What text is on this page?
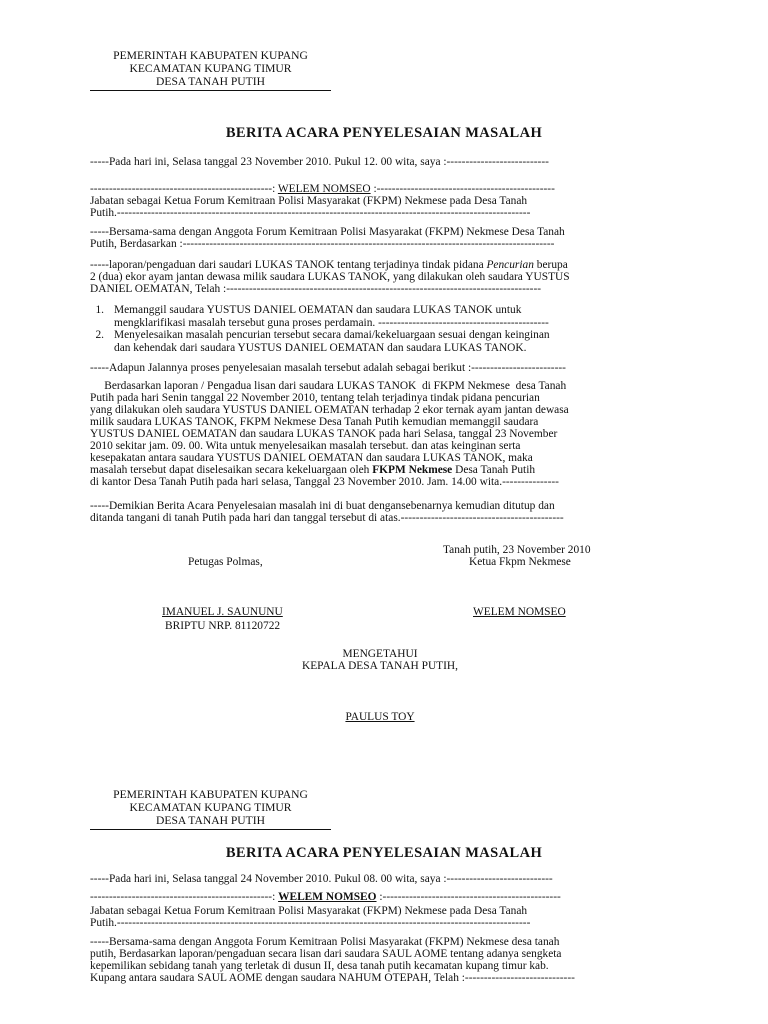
PEMERINTAH KABUPATEN KUPANG
KECAMATAN KUPANG TIMUR
DESA TANAH PUTIH
BERITA ACARA PENYELESAIAN MASALAH
-----Pada hari ini, Selasa tanggal 23 November 2010. Pukul 12. 00 wita, saya :---------------------------
------------------------------------------------: WELEM NOMSEO :-----------------------------------------------
Jabatan sebagai Ketua Forum Kemitraan Polisi Masyarakat (FKPM) Nekmese pada Desa Tanah
Putih.-------------------------------------------------------------------------------------------------------------
-----Bersama-sama dengan Anggota Forum Kemitraan Polisi Masyarakat (FKPM) Nekmese Desa Tanah
Putih, Berdasarkan :--------------------------------------------------------------------------------------------------
-----laporan/pengaduan dari saudari LUKAS TANOK tentang terjadinya tindak pidana Pencurian berupa
2 (dua) ekor ayam jantan dewasa milik saudara LUKAS TANOK, yang dilakukan oleh saudara YUSTUS
DANIEL OEMATAN, Telah :-----------------------------------------------------------------------------------
1. Memanggil saudara YUSTUS DANIEL OEMATAN dan saudara LUKAS TANOK untuk
mengklarifikasi masalah tersebut guna proses perdamain. ---------------------------------------------
2. Menyelesaikan masalah pencurian tersebut secara damai/kekeluargaan sesuai dengan keinginan
dan kehendak dari saudara YUSTUS DANIEL OEMATAN dan saudara LUKAS TANOK.
-----Adapun Jalannya proses penyelesaian masalah tersebut adalah sebagai berikut :-------------------------
Berdasarkan laporan / Pengadua lisan dari saudara LUKAS TANOK  di FKPM Nekmese  desa Tanah
Putih pada hari Senin tanggal 22 November 2010, tentang telah terjadinya tindak pidana pencurian
yang dilakukan oleh saudara YUSTUS DANIEL OEMATAN terhadap 2 ekor ternak ayam jantan dewasa
milik saudara LUKAS TANOK, FKPM Nekmese Desa Tanah Putih kemudian memanggil saudara
YUSTUS DANIEL OEMATAN dan saudara LUKAS TANOK pada hari Selasa, tanggal 23 November
2010 sekitar jam. 09. 00. Wita untuk menyelesaikan masalah tersebut. dan atas keinginan serta
kesepakatan antara saudara YUSTUS DANIEL OEMATAN dan saudara LUKAS TANOK, maka
masalah tersebut dapat diselesaikan secara kekeluargaan oleh FKPM Nekmese Desa Tanah Putih
di kantor Desa Tanah Putih pada hari selasa, Tanggal 23 November 2010. Jam. 14.00 wita.---------------
-----Demikian Berita Acara Penyelesaian masalah ini di buat dengansebenarnya kemudian ditutup dan
ditanda tangani di tanah Putih pada hari dan tanggal tersebut di atas.-------------------------------------------
Tanah putih, 23 November 2010
Petugas Polmas,	Ketua Fkpm Nekmese
IMANUEL J. SAUNUNU
BRIPTU NRP. 81120722
WELEM NOMSEO
MENGETAHUI
KEPALA DESA TANAH PUTIH,
PAULUS TOY
PEMERINTAH KABUPATEN KUPANG
KECAMATAN KUPANG TIMUR
DESA TANAH PUTIH
BERITA ACARA PENYELESAIAN MASALAH
-----Pada hari ini, Selasa tanggal 24 November 2010. Pukul 08. 00 wita, saya :----------------------------
------------------------------------------------: WELEM NOMSEO :-----------------------------------------------
Jabatan sebagai Ketua Forum Kemitraan Polisi Masyarakat (FKPM) Nekmese pada Desa Tanah
Putih.-------------------------------------------------------------------------------------------------------------
-----Bersama-sama dengan Anggota Forum Kemitraan Polisi Masyarakat (FKPM) Nekmese desa tanah
putih, Berdasarkan laporan/pengaduan secara lisan dari saudara SAUL AOME tentang adanya sengketa
kepemilikan sebidang tanah yang terletak di dusun II, desa tanah putih kecamatan kupang timur kab.
Kupang antara saudara SAUL AOME dengan saudara NAHUM OTEPAH, Telah :-----------------------------
